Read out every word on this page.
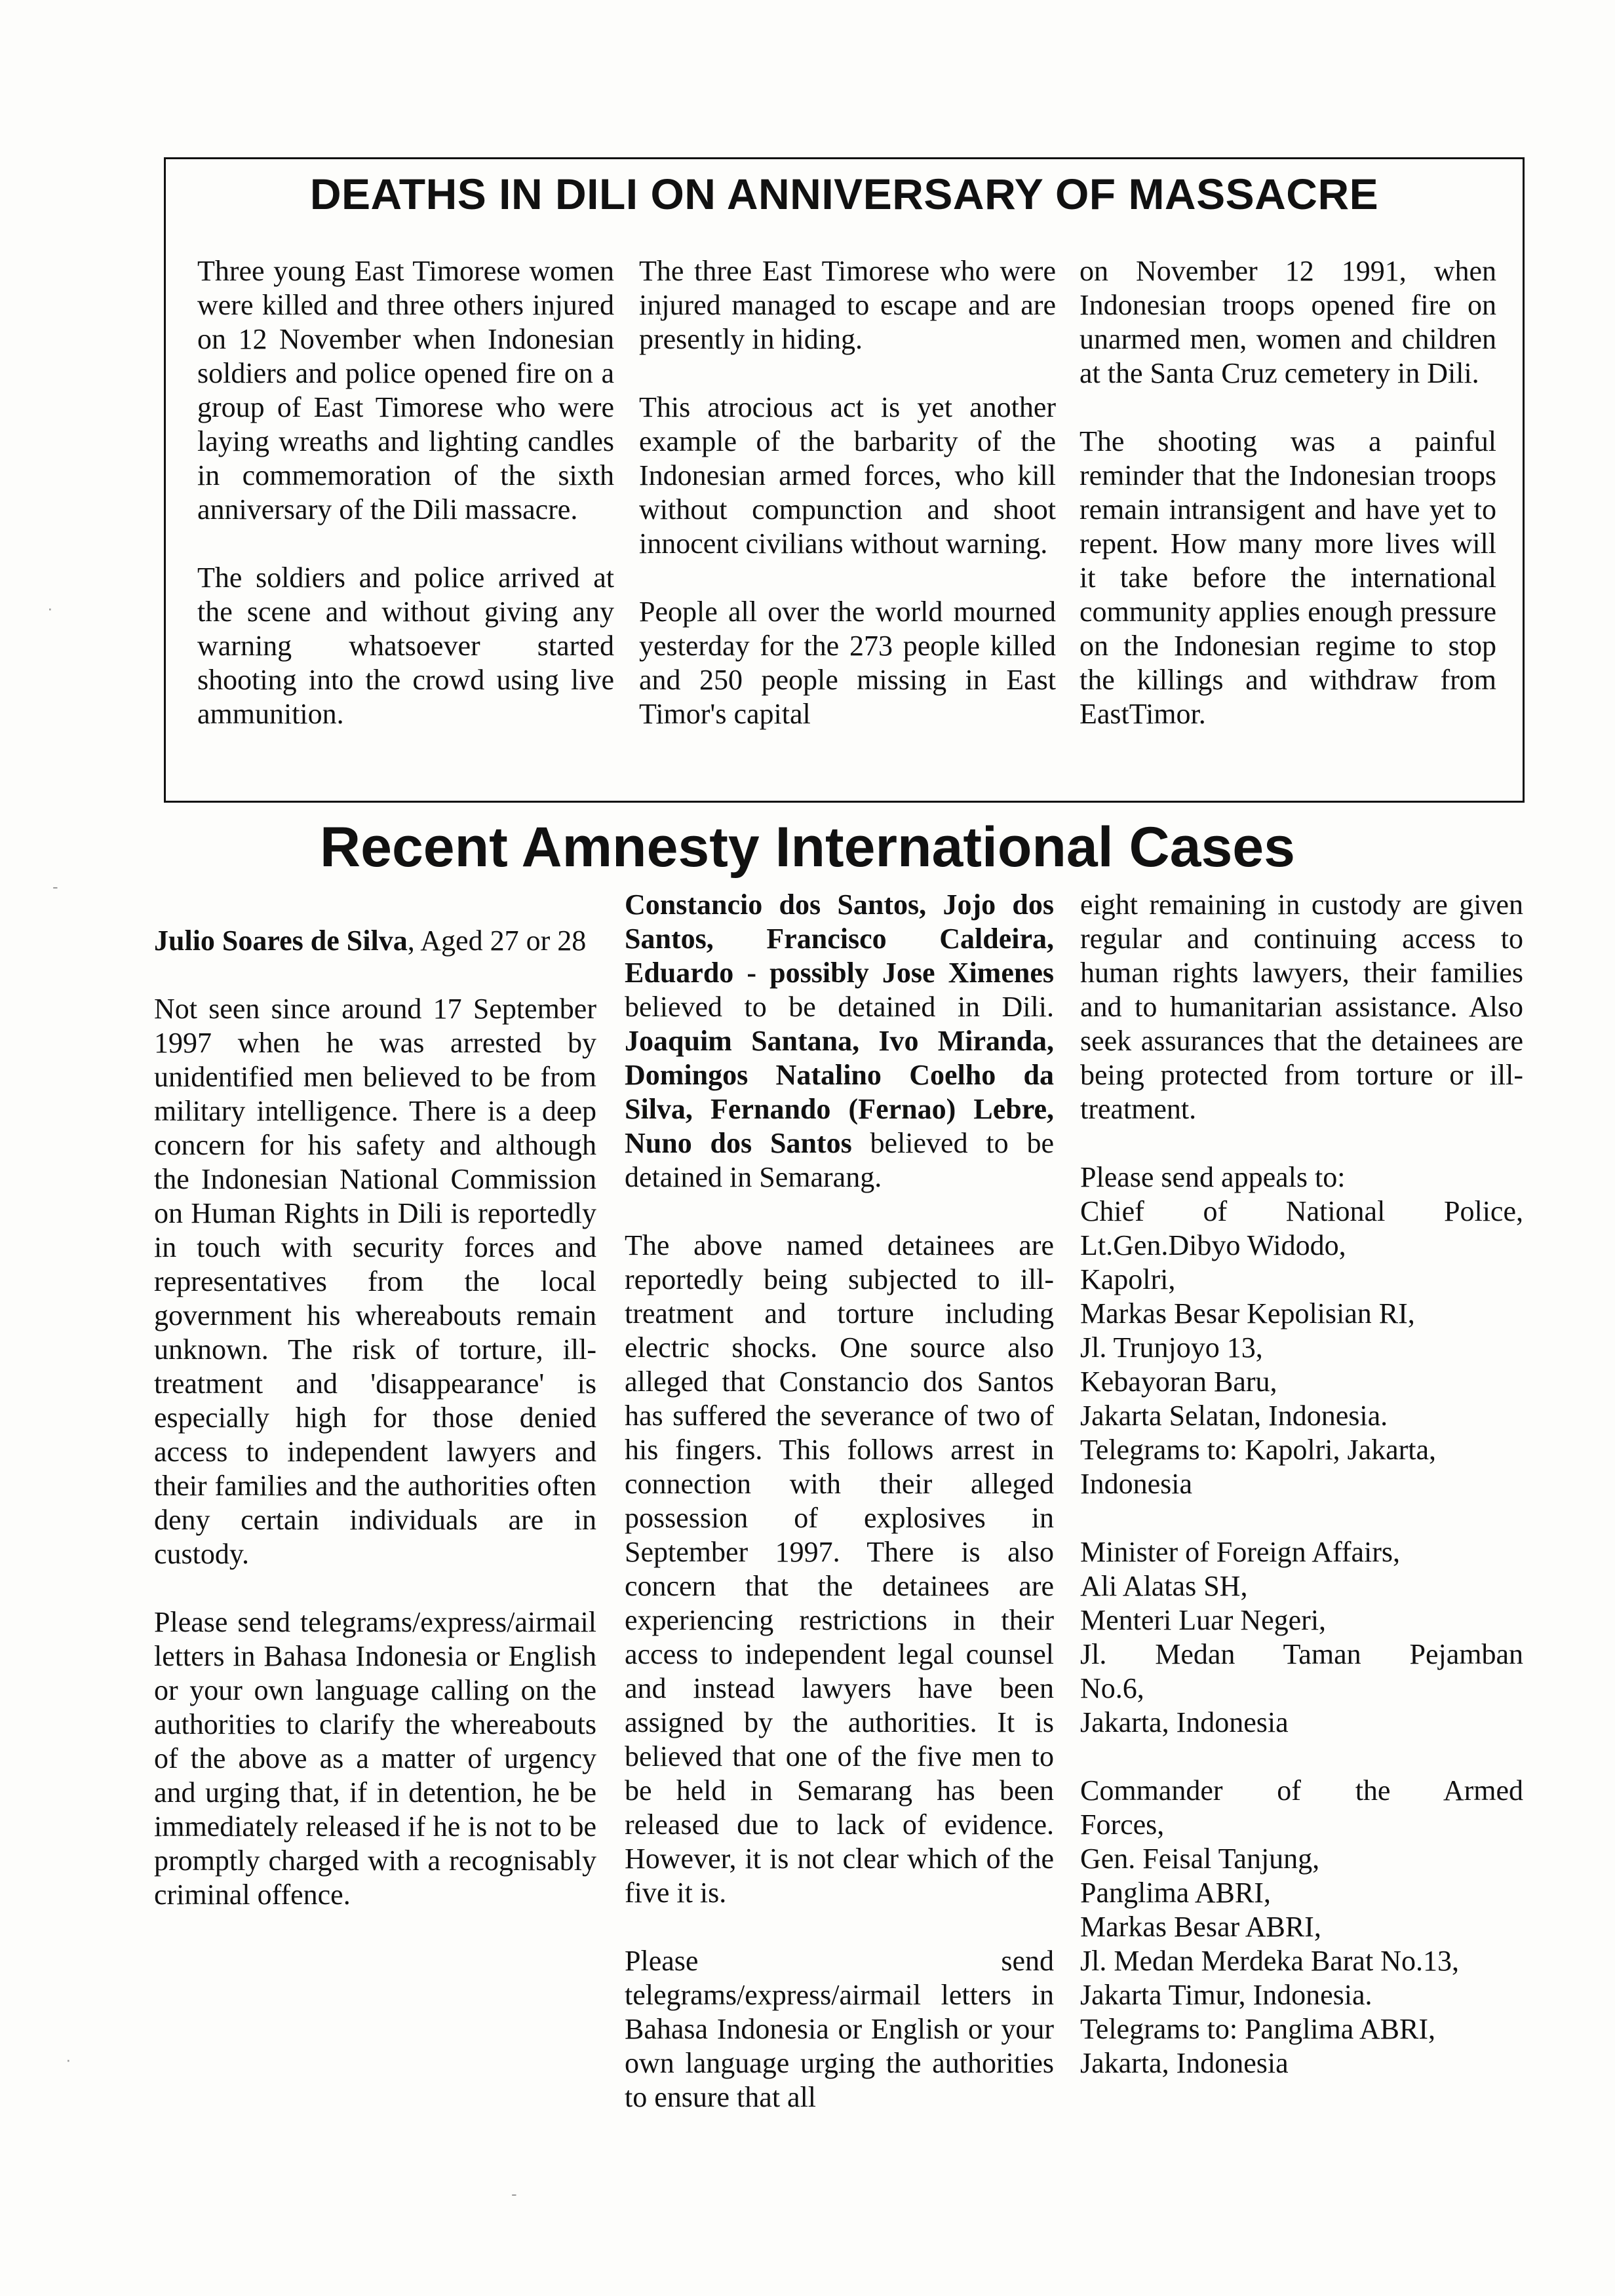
DEATHS IN DILI ON ANNIVERSARY OF MASSACRE

Three young East Timorese women were killed and three others injured on 12 November when Indonesian soldiers and police opened fire on a group of East Timorese who were laying wreaths and lighting candles in commemoration of the sixth anniversary of the Dili massacre.

The soldiers and police arrived at the scene and without giving any warning whatsoever started shooting into the crowd using live ammunition.

The three East Timorese who were injured managed to escape and are presently in hiding.

This atrocious act is yet another example of the barbarity of the Indonesian armed forces, who kill without compunction and shoot innocent civilians without warning.

People all over the world mourned yesterday for the 273 people killed and 250 people missing in East Timor's capital

on November 12 1991, when Indonesian troops opened fire on unarmed men, women and children at the Santa Cruz cemetery in Dili.

The shooting was a painful reminder that the Indonesian troops remain intransigent and have yet to repent. How many more lives will it take before the international community applies enough pressure on the Indonesian regime to stop the killings and withdraw from EastTimor.

Recent Amnesty International Cases

Julio Soares de Silva, Aged 27 or 28

Not seen since around 17 September 1997 when he was arrested by unidentified men believed to be from military intelligence. There is a deep concern for his safety and although the Indonesian National Commission on Human Rights in Dili is reportedly in touch with security forces and representatives from the local government his whereabouts remain unknown. The risk of torture, ill-treatment and 'disappearance' is especially high for those denied access to independent lawyers and their families and the authorities often deny certain individuals are in custody.

Please send telegrams/express/airmail letters in Bahasa Indonesia or English or your own language calling on the authorities to clarify the whereabouts of the above as a matter of urgency and urging that, if in detention, he be immediately released if he is not to be promptly charged with a recognisably criminal offence.

Constancio dos Santos, Jojo dos Santos, Francisco Caldeira, Eduardo - possibly Jose Ximenes believed to be detained in Dili. Joaquim Santana, Ivo Miranda, Domingos Natalino Coelho da Silva, Fernando (Fernao) Lebre, Nuno dos Santos believed to be detained in Semarang.

The above named detainees are reportedly being subjected to ill-treatment and torture including electric shocks. One source also alleged that Constancio dos Santos has suffered the severance of two of his fingers. This follows arrest in connection with their alleged possession of explosives in September 1997. There is also concern that the detainees are experiencing restrictions in their access to independent legal counsel and instead lawyers have been assigned by the authorities. It is believed that one of the five men to be held in Semarang has been released due to lack of evidence. However, it is not clear which of the five it is.

Please send telegrams/express/airmail letters in Bahasa Indonesia or English or your own language urging the authorities to ensure that all

eight remaining in custody are given regular and continuing access to human rights lawyers, their families and to humanitarian assistance. Also seek assurances that the detainees are being protected from torture or ill-treatment.

Please send appeals to:
Chief of National Police,
Lt.Gen.Dibyo Widodo,
Kapolri,
Markas Besar Kepolisian RI,
Jl. Trunjoyo 13,
Kebayoran Baru,
Jakarta Selatan, Indonesia.
Telegrams to: Kapolri, Jakarta,
Indonesia

Minister of Foreign Affairs,
Ali Alatas SH,
Menteri Luar Negeri,
Jl. Medan Taman Pejamban
No.6,
Jakarta, Indonesia

Commander of the Armed
Forces,
Gen. Feisal Tanjung,
Panglima ABRI,
Markas Besar ABRI,
Jl. Medan Merdeka Barat No.13,
Jakarta Timur, Indonesia.
Telegrams to: Panglima ABRI,
Jakarta, Indonesia

·
-
·
-
